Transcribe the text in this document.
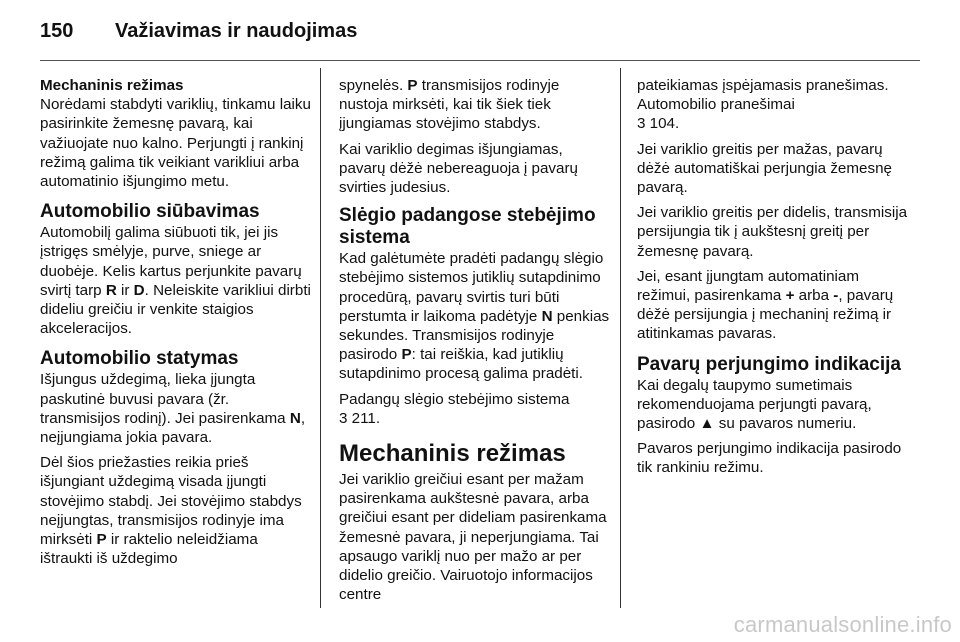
150 Važiavimas ir naudojimas
Mechaninis režimas

Norėdami stabdyti variklių, tinkamu laiku pasirinkite žemesnę pavarą, kai važiuojate nuo kalno. Perjungti į rankinį režimą galima tik veikiant varikliui arba automatinio išjungimo metu.

Automobilio siūbavimas

Automobilį galima siūbuoti tik, jei jis įstrigęs smėlyje, purve, sniege ar duobėje. Kelis kartus perjunkite pavarų svirtį tarp R ir D. Neleiskite varikliui dirbti dideliu greičiu ir venkite staigios akceleracijos.

Automobilio statymas

Išjungus uždegimą, lieka įjungta paskutinė buvusi pavara (žr. transmisijos rodinį). Jei pasirenkama N, neįjungiama jokia pavara.

Dėl šios priežasties reikia prieš išjungiant uždegimą visada įjungti stovėjimo stabdį. Jei stovėjimo stabdys neįjungtas, transmisijos rodinyje ima mirksėti P ir raktelio neleidžiama ištraukti iš uždegimo

spynelės. P transmisijos rodinyje nustoja mirksėti, kai tik šiek tiek įjungiamas stovėjimo stabdys.

Kai variklio degimas išjungiamas, pavarų dėžė nebereaguoja į pavarų svirties judesius.

Slėgio padangose stebėjimo sistema

Kad galėtumėte pradėti padangų slėgio stebėjimo sistemos jutiklių sutapdinimo procedūrą, pavarų svirtis turi būti perstumta ir laikoma padėtyje N penkias sekundes. Transmisijos rodinyje pasirodo P: tai reiškia, kad jutiklių sutapdinimo procesą galima pradėti.

Padangų slėgio stebėjimo sistema
3 211.

Mechaninis režimas

Jei variklio greičiui esant per mažam pasirenkama aukštesnė pavara, arba greičiui esant per dideliam pasirenkama žemesnė pavara, ji neperjungiama. Tai apsaugo variklį nuo per mažo ar per didelio greičio. Vairuotojo informacijos centre

pateikiamas įspėjamasis pranešimas. Automobilio pranešimai
3 104.

Jei variklio greitis per mažas, pavarų dėžė automatiškai perjungia žemesnę pavarą.

Jei variklio greitis per didelis, transmisija persijungia tik į aukštesnį greitį per žemesnę pavarą.

Jei, esant įjungtam automatiniam režimui, pasirenkama + arba -, pavarų dėžė persijungia į mechaninį režimą ir atitinkamas pavaras.

Pavarų perjungimo indikacija

Kai degalų taupymo sumetimais rekomenduojama perjungti pavarą, pasirodo ▲ su pavaros numeriu.

Pavaros perjungimo indikacija pasirodo tik rankiniu režimu.

carmanualsonline.info
